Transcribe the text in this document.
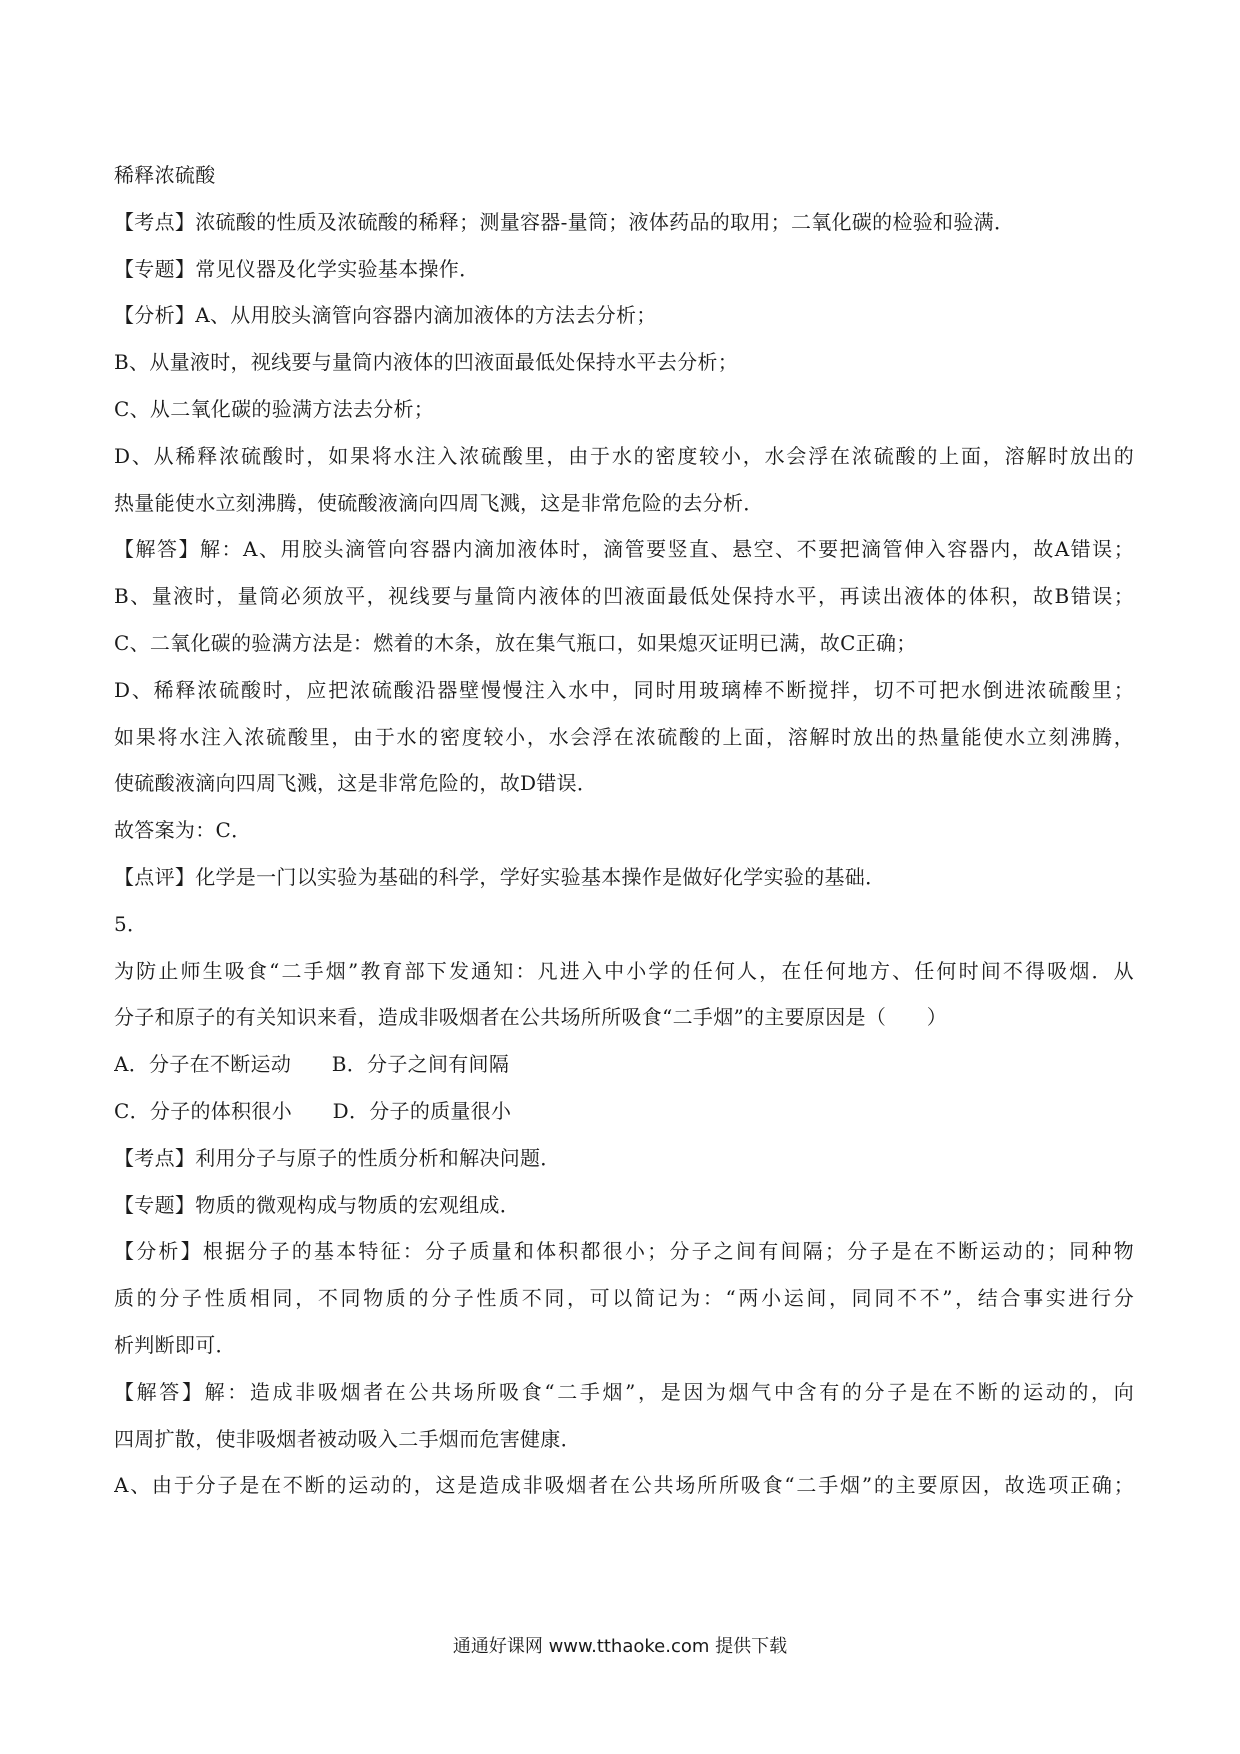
稀释浓硫酸
【考点】浓硫酸的性质及浓硫酸的稀释；测量容器-量筒；液体药品的取用；二氧化碳的检验和验满．
【专题】常见仪器及化学实验基本操作．
【分析】A、从用胶头滴管向容器内滴加液体的方法去分析；
B、从量液时，视线要与量筒内液体的凹液面最低处保持水平去分析；
C、从二氧化碳的验满方法去分析；
D、从稀释浓硫酸时，如果将水注入浓硫酸里，由于水的密度较小，水会浮在浓硫酸的上面，溶解时放出的
热量能使水立刻沸腾，使硫酸液滴向四周飞溅，这是非常危险的去分析．
【解答】解：A、用胶头滴管向容器内滴加液体时，滴管要竖直、悬空、不要把滴管伸入容器内，故A错误；
B、量液时，量筒必须放平，视线要与量筒内液体的凹液面最低处保持水平，再读出液体的体积，故B错误；
C、二氧化碳的验满方法是：燃着的木条，放在集气瓶口，如果熄灭证明已满，故C正确；
D、稀释浓硫酸时，应把浓硫酸沿器壁慢慢注入水中，同时用玻璃棒不断搅拌，切不可把水倒进浓硫酸里；
如果将水注入浓硫酸里，由于水的密度较小，水会浮在浓硫酸的上面，溶解时放出的热量能使水立刻沸腾，
使硫酸液滴向四周飞溅，这是非常危险的，故D错误．
故答案为：C．
【点评】化学是一门以实验为基础的科学，学好实验基本操作是做好化学实验的基础．
5．
为防止师生吸食“二手烟”教育部下发通知：凡进入中小学的任何人，在任何地方、任何时间不得吸烟．从
分子和原子的有关知识来看，造成非吸烟者在公共场所所吸食“二手烟”的主要原因是（　　）
A．分子在不断运动　　B．分子之间有间隔
C．分子的体积很小　　D．分子的质量很小
【考点】利用分子与原子的性质分析和解决问题．
【专题】物质的微观构成与物质的宏观组成．
【分析】根据分子的基本特征：分子质量和体积都很小；分子之间有间隔；分子是在不断运动的；同种物
质的分子性质相同，不同物质的分子性质不同，可以简记为：“两小运间，同同不不”，结合事实进行分
析判断即可．
【解答】解：造成非吸烟者在公共场所吸食“二手烟”，是因为烟气中含有的分子是在不断的运动的，向
四周扩散，使非吸烟者被动吸入二手烟而危害健康．
A、由于分子是在不断的运动的，这是造成非吸烟者在公共场所所吸食“二手烟”的主要原因，故选项正确；
通通好课网 www.tthaoke.com 提供下载
